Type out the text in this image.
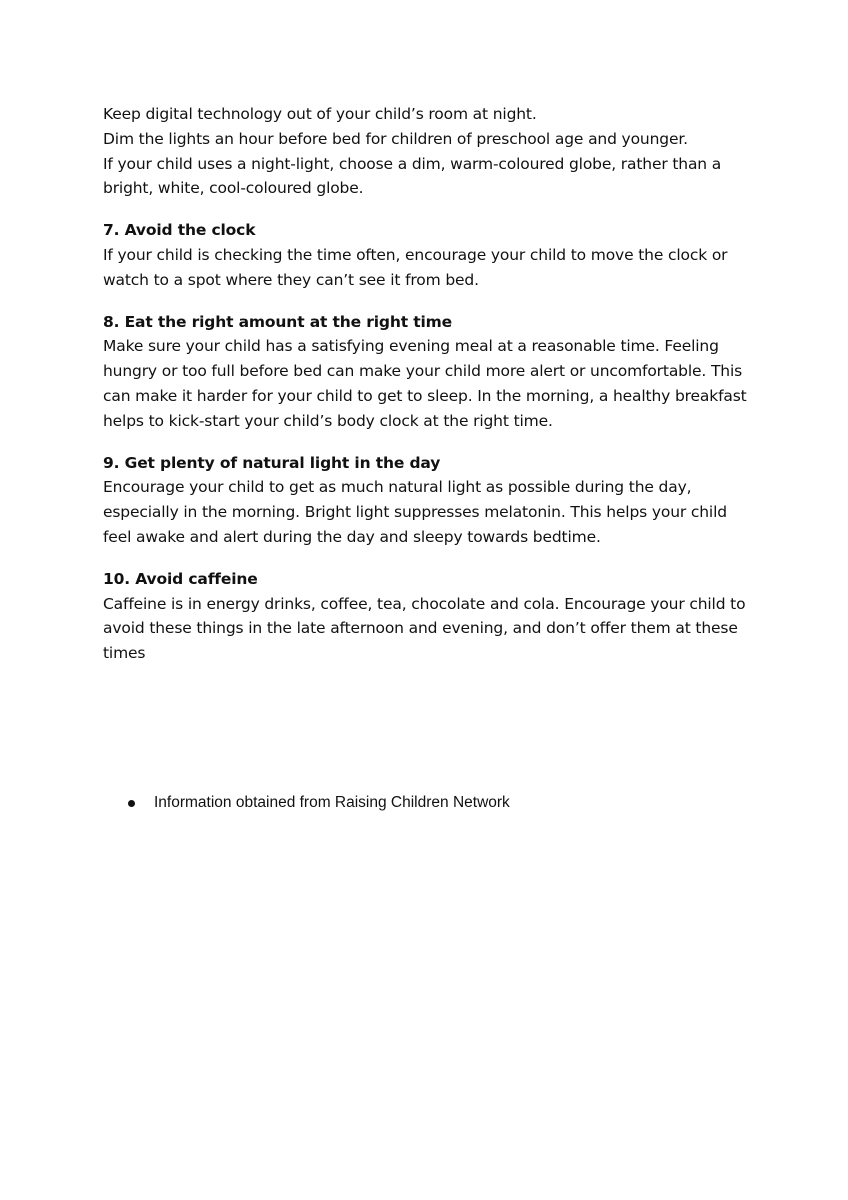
Keep digital technology out of your child’s room at night.

Dim the lights an hour before bed for children of preschool age and younger.

If your child uses a night-light, choose a dim, warm-coloured globe, rather than a bright, white, cool-coloured globe.

7. Avoid the clock

If your child is checking the time often, encourage your child to move the clock or watch to a spot where they can’t see it from bed.

8. Eat the right amount at the right time

Make sure your child has a satisfying evening meal at a reasonable time. Feeling hungry or too full before bed can make your child more alert or uncomfortable. This can make it harder for your child to get to sleep. In the morning, a healthy breakfast helps to kick-start your child’s body clock at the right time.

9. Get plenty of natural light in the day

Encourage your child to get as much natural light as possible during the day, especially in the morning. Bright light suppresses melatonin. This helps your child feel awake and alert during the day and sleepy towards bedtime.

10. Avoid caffeine

Caffeine is in energy drinks, coffee, tea, chocolate and cola. Encourage your child to avoid these things in the late afternoon and evening, and don’t offer them at these times

Information obtained from Raising Children Network
